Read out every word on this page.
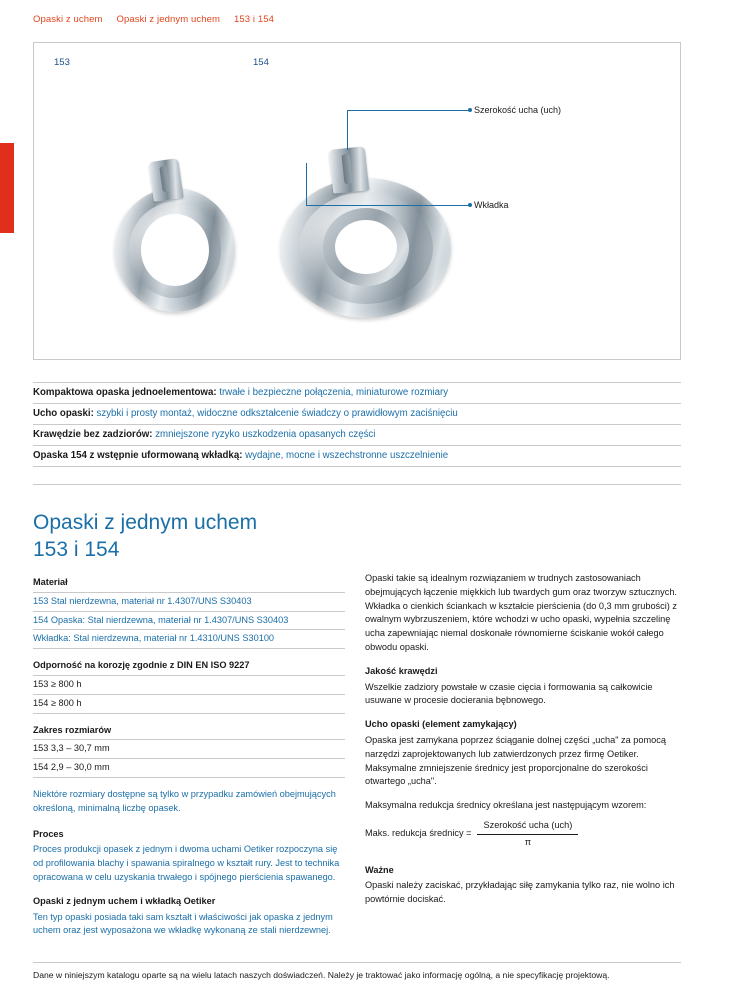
Opaski z uchem Opaski z jednym uchem 153 i 154
153	154
Szerokość ucha (uch)
Wkładka
Kompaktowa opaska jednoelementowa: trwałe i bezpieczne połączenia, miniaturowe rozmiary
Ucho opaski: szybki i prosty montaż, widoczne odkształcenie świadczy o prawidłowym zaciśnięciu
Krawędzie bez zadziorów: zmniejszone ryzyko uszkodzenia opasanych części
Opaska 154 z wstępnie uformowaną wkładką: wydajne, mocne i wszechstronne uszczelnienie
Opaski z jednym uchem
153 i 154
Materiał
153 Stal nierdzewna, materiał nr 1.4307/UNS S30403
154 Opaska: Stal nierdzewna, materiał nr 1.4307/UNS S30403
Wkładka: Stal nierdzewna, materiał nr 1.4310/UNS S30100
Odporność na korozję zgodnie z DIN EN ISO 9227
153 ≥ 800 h
154 ≥ 800 h
Zakres rozmiarów
153 3,3 – 30,7 mm
154 2,9 – 30,0 mm

Niektóre rozmiary dostępne są tylko w przypadku zamówień obejmujących określoną, minimalną liczbę opasek.

Proces

Proces produkcji opasek z jednym i dwoma uchami Oetiker rozpoczyna się od profilowania blachy i spawania spiralnego w kształt rury. Jest to technika opracowana w celu uzyskania trwałego i spójnego pierścienia spawanego.

Opaski z jednym uchem i wkładką Oetiker

Ten typ opaski posiada taki sam kształt i właściwości jak opaska z jednym uchem oraz jest wyposażona we wkładkę wykonaną ze stali nierdzewnej.

Opaski takie są idealnym rozwiązaniem w trudnych zastosowaniach obejmujących łączenie miękkich lub twardych gum oraz tworzyw sztucznych. Wkładka o cienkich ściankach w kształcie pierścienia (do 0,3 mm grubości) z owalnym wybrzuszeniem, które wchodzi w ucho opaski, wypełnia szczelinę ucha zapewniając niemal doskonałe równomierne ściskanie wokół całego obwodu opaski.

Jakość krawędzi

Wszelkie zadziory powstałe w czasie cięcia i formowania są całkowicie usuwane w procesie docierania bębnowego.

Ucho opaski (element zamykający)

Opaska jest zamykana poprzez ściąganie dolnej części „ucha" za pomocą narzędzi zaprojektowanych lub zatwierdzonych przez firmę Oetiker. Maksymalne zmniejszenie średnicy jest proporcjonalne do szerokości otwartego „ucha".

Maksymalna redukcja średnicy określana jest następującym wzorem:

Maks. redukcja średnicy = $\frac{\text{Szerokość ucha (uch)}}{\pi}$
Ważne

Opaski należy zaciskać, przykładając siłę zamykania tylko raz, nie wolno ich powtórnie dociskać.

Dane w niniejszym katalogu oparte są na wielu latach naszych doświadczeń. Należy je traktować jako informację ogólną, a nie specyfikację projektową.
